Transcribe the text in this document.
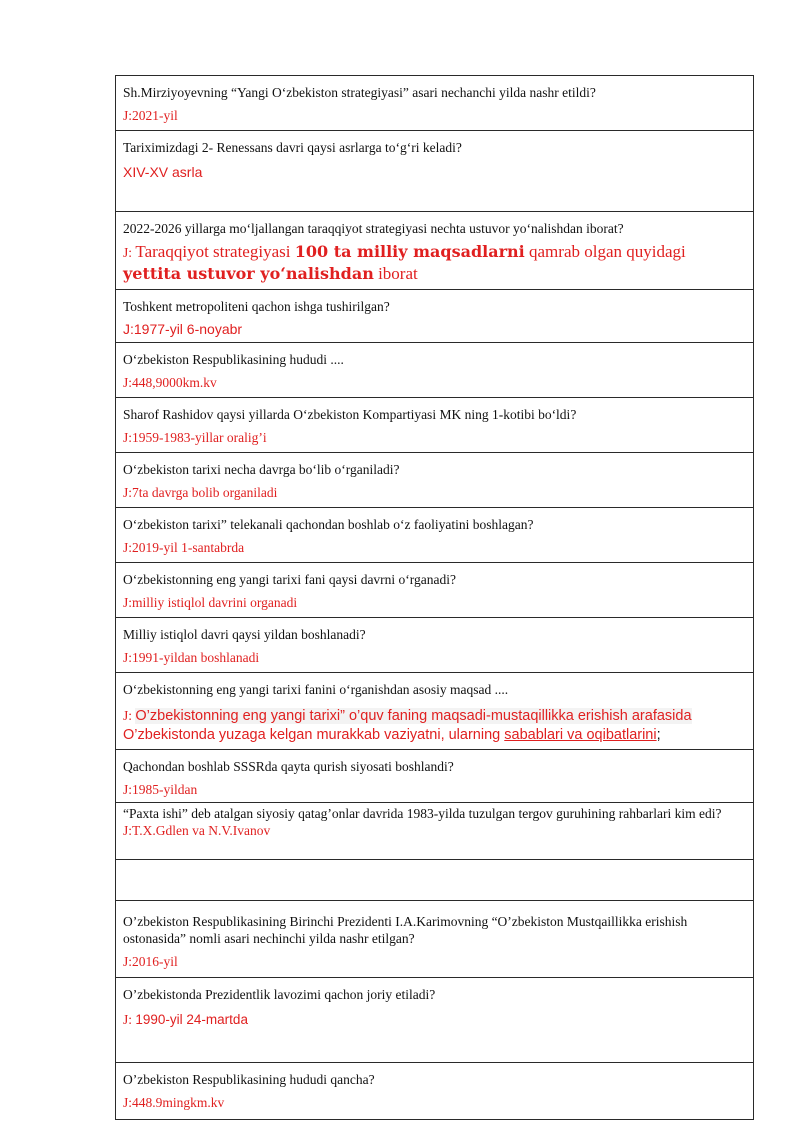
Sh.Mirziyoyevning “Yangi O‘zbekiston strategiyasi” asari nechanchi yilda nashr etildi?
J:2021-yil

Tariximizdagi 2- Renessans davri qaysi asrlarga to‘g‘ri keladi?
XIV-XV asrla

2022-2026 yillarga mo‘ljallangan taraqqiyot strategiyasi nechta ustuvor yo‘nalishdan iborat?
J: Taraqqiyot strategiyasi 100 ta milliy maqsadlarni qamrab olgan quyidagi yettita ustuvor yo‘nalishdan iborat

Toshkent metropoliteni qachon ishga tushirilgan?
J:1977-yil 6-noyabr

O‘zbekiston Respublikasining hududi ....
J:448,9000km.kv

Sharof Rashidov qaysi yillarda O‘zbekiston Kompartiyasi MK ning 1-kotibi bo‘ldi?
J:1959-1983-yillar oralig’i

O‘zbekiston tarixi necha davrga bo‘lib o‘rganiladi?
J:7ta davrga bolib organiladi

O‘zbekiston tarixi” telekanali qachondan boshlab o‘z faoliyatini boshlagan?
J:2019-yil 1-santabrda

O‘zbekistonning eng yangi tarixi fani qaysi davrni o‘rganadi?
J:milliy istiqlol davrini organadi

Milliy istiqlol davri qaysi yildan boshlanadi?
J:1991-yildan boshlanadi

O‘zbekistonning eng yangi tarixi fanini o‘rganishdan asosiy maqsad ....
J: O’zbekistonning eng yangi tarixi” o’quv faning maqsadi-mustaqillikka erishish arafasida
O’zbekistonda yuzaga kelgan murakkab vaziyatni, ularning sabablari va oqibatlarini;

Qachondan boshlab SSSRda qayta qurish siyosati boshlandi?
J:1985-yildan

“Paxta ishi” deb atalgan siyosiy qatag’onlar davrida 1983-yilda tuzulgan tergov guruhining rahbarlari kim edi?
J:T.X.Gdlen va N.V.Ivanov

O’zbekiston Respublikasining Birinchi Prezidenti I.A.Karimovning “O’zbekiston Mustqaillikka erishish ostonasida” nomli asari nechinchi yilda nashr etilgan?
J:2016-yil

O’zbekistonda Prezidentlik lavozimi qachon joriy etiladi?
J: 1990-yil 24-martda

O’zbekiston Respublikasining hududi qancha?
J:448.9mingkm.kv
